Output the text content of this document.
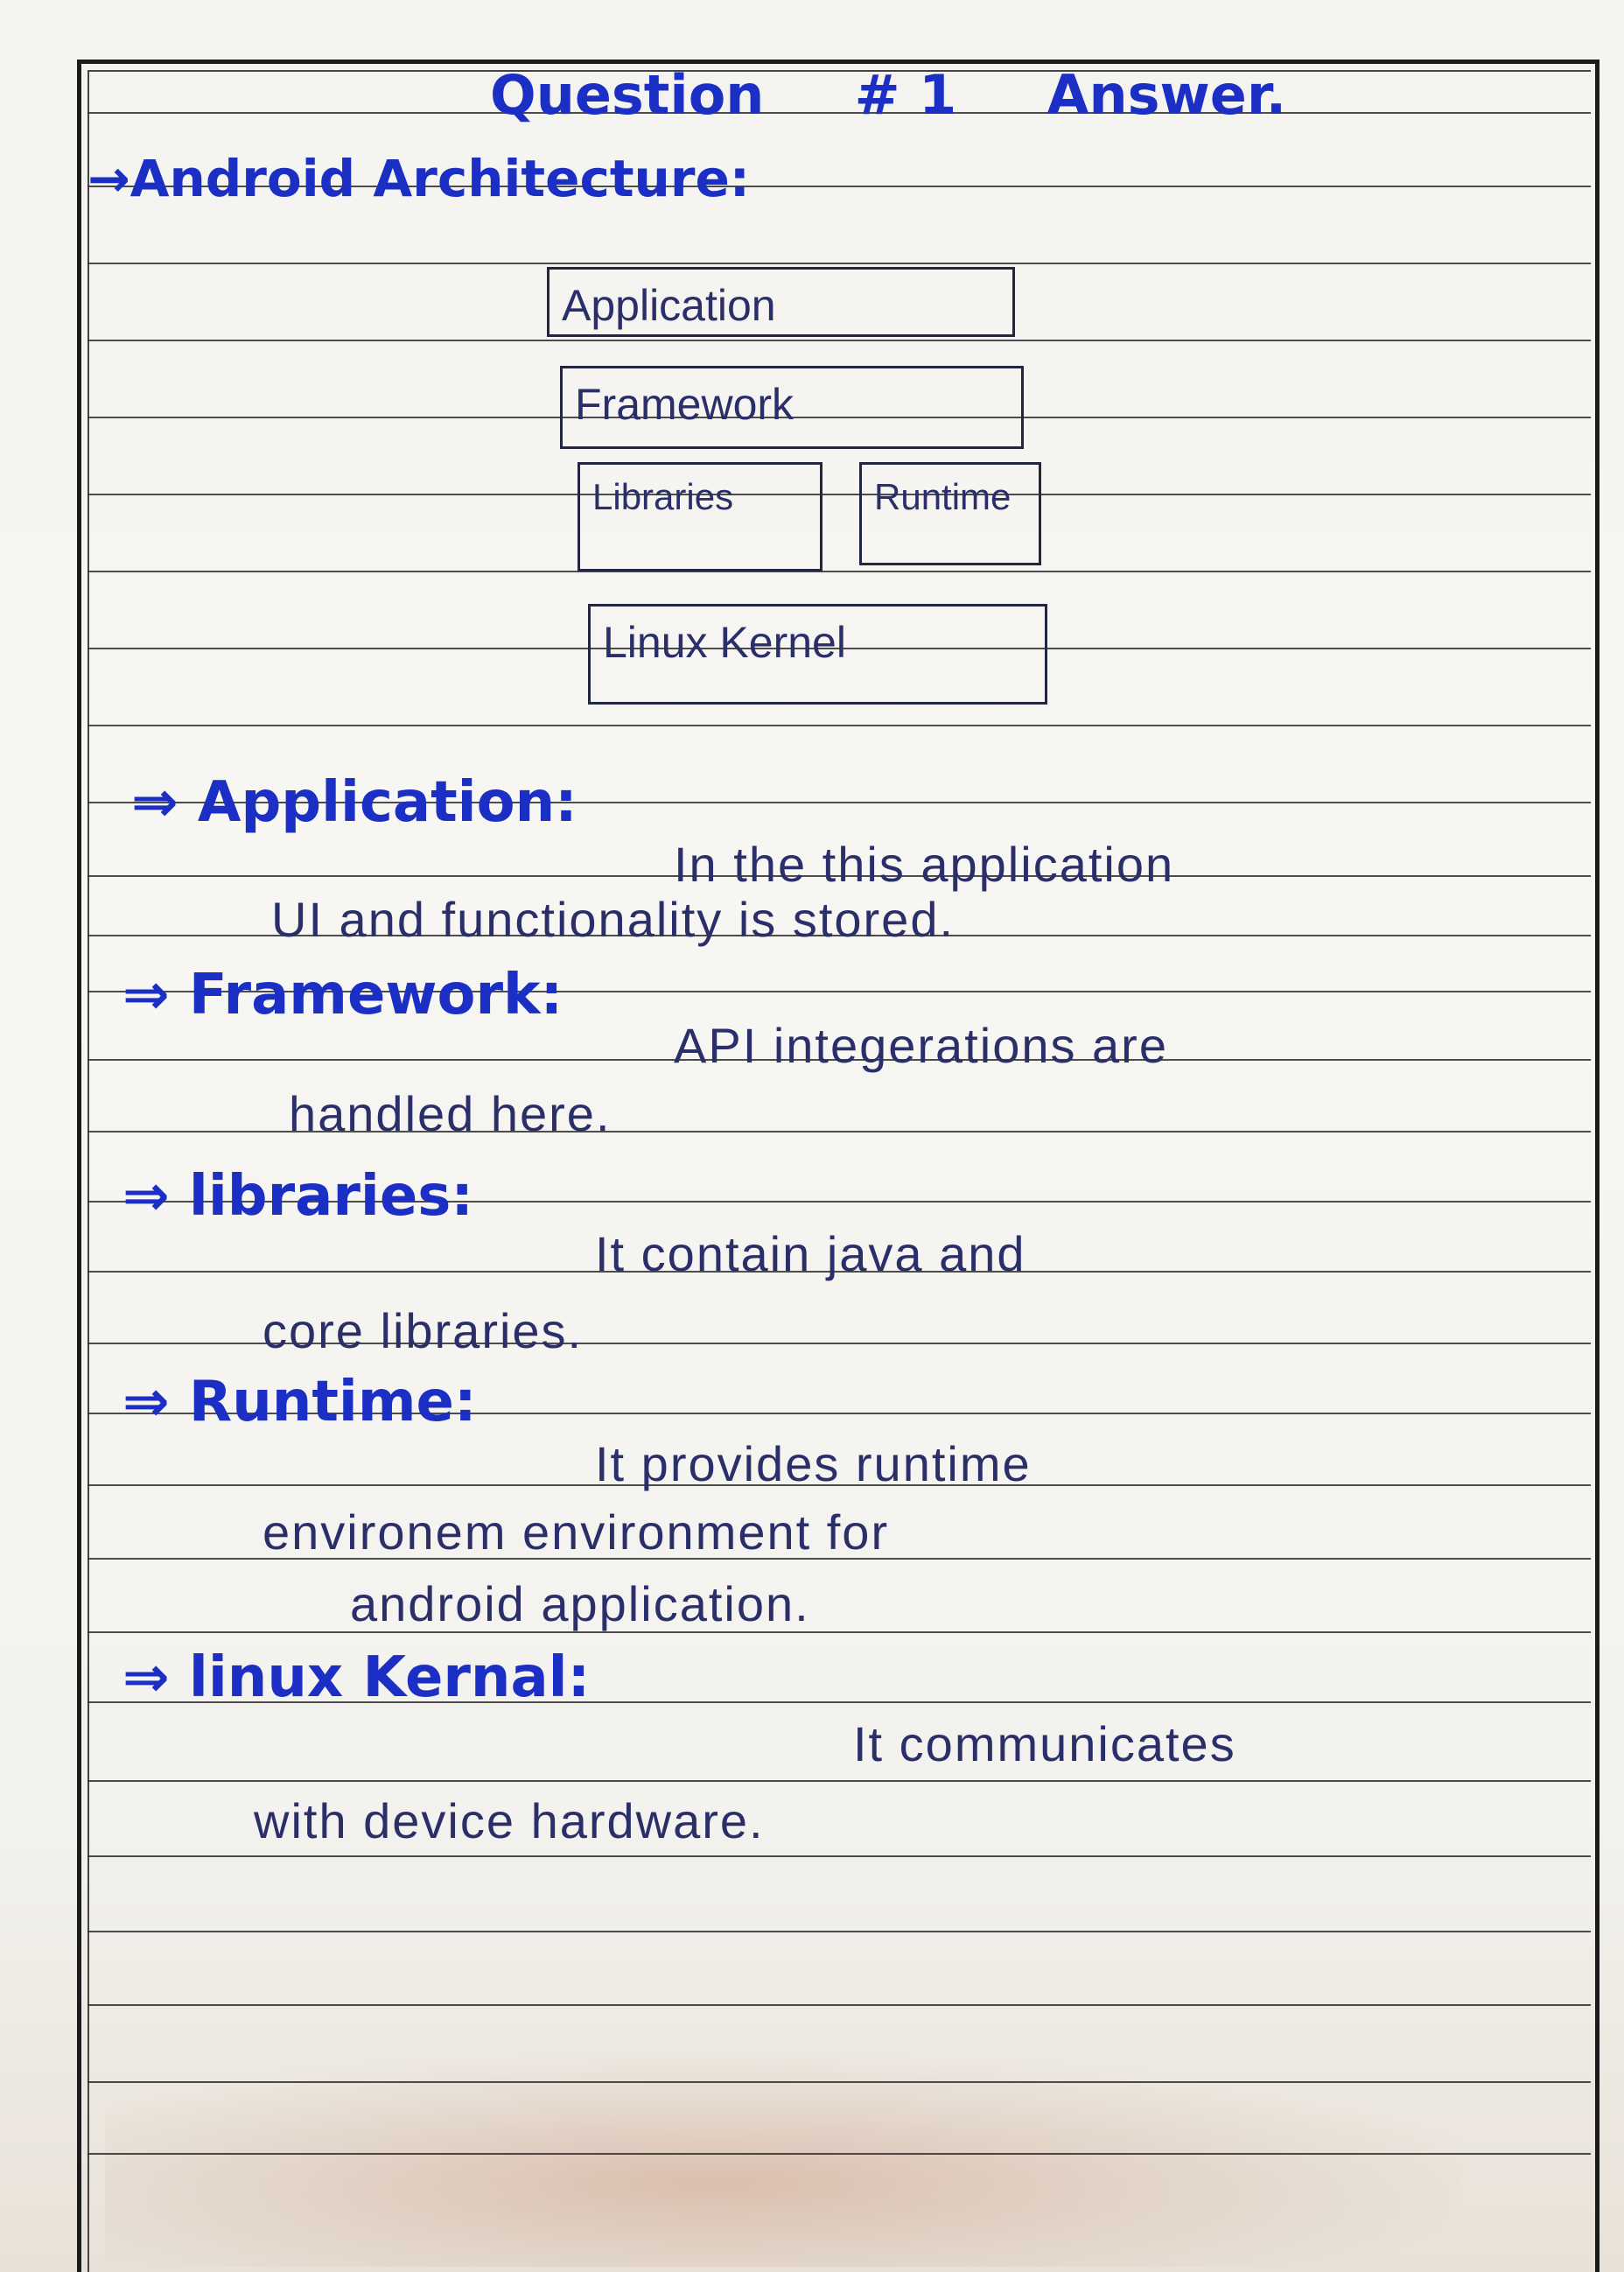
Question # 1 Answer.
→Android Architecture:
Application
Framework
Libraries	Runtime
Linux Kernel
⇒ Application:
In the this application
UI and functionality is stored.
⇒ Framework:
API integerations are
handled here.
⇒ libraries:
It contain java and
core libraries.
⇒ Runtime:
It provides runtime
environem environment for
android application.
⇒ linux Kernal:
It communicates
with device hardware.
